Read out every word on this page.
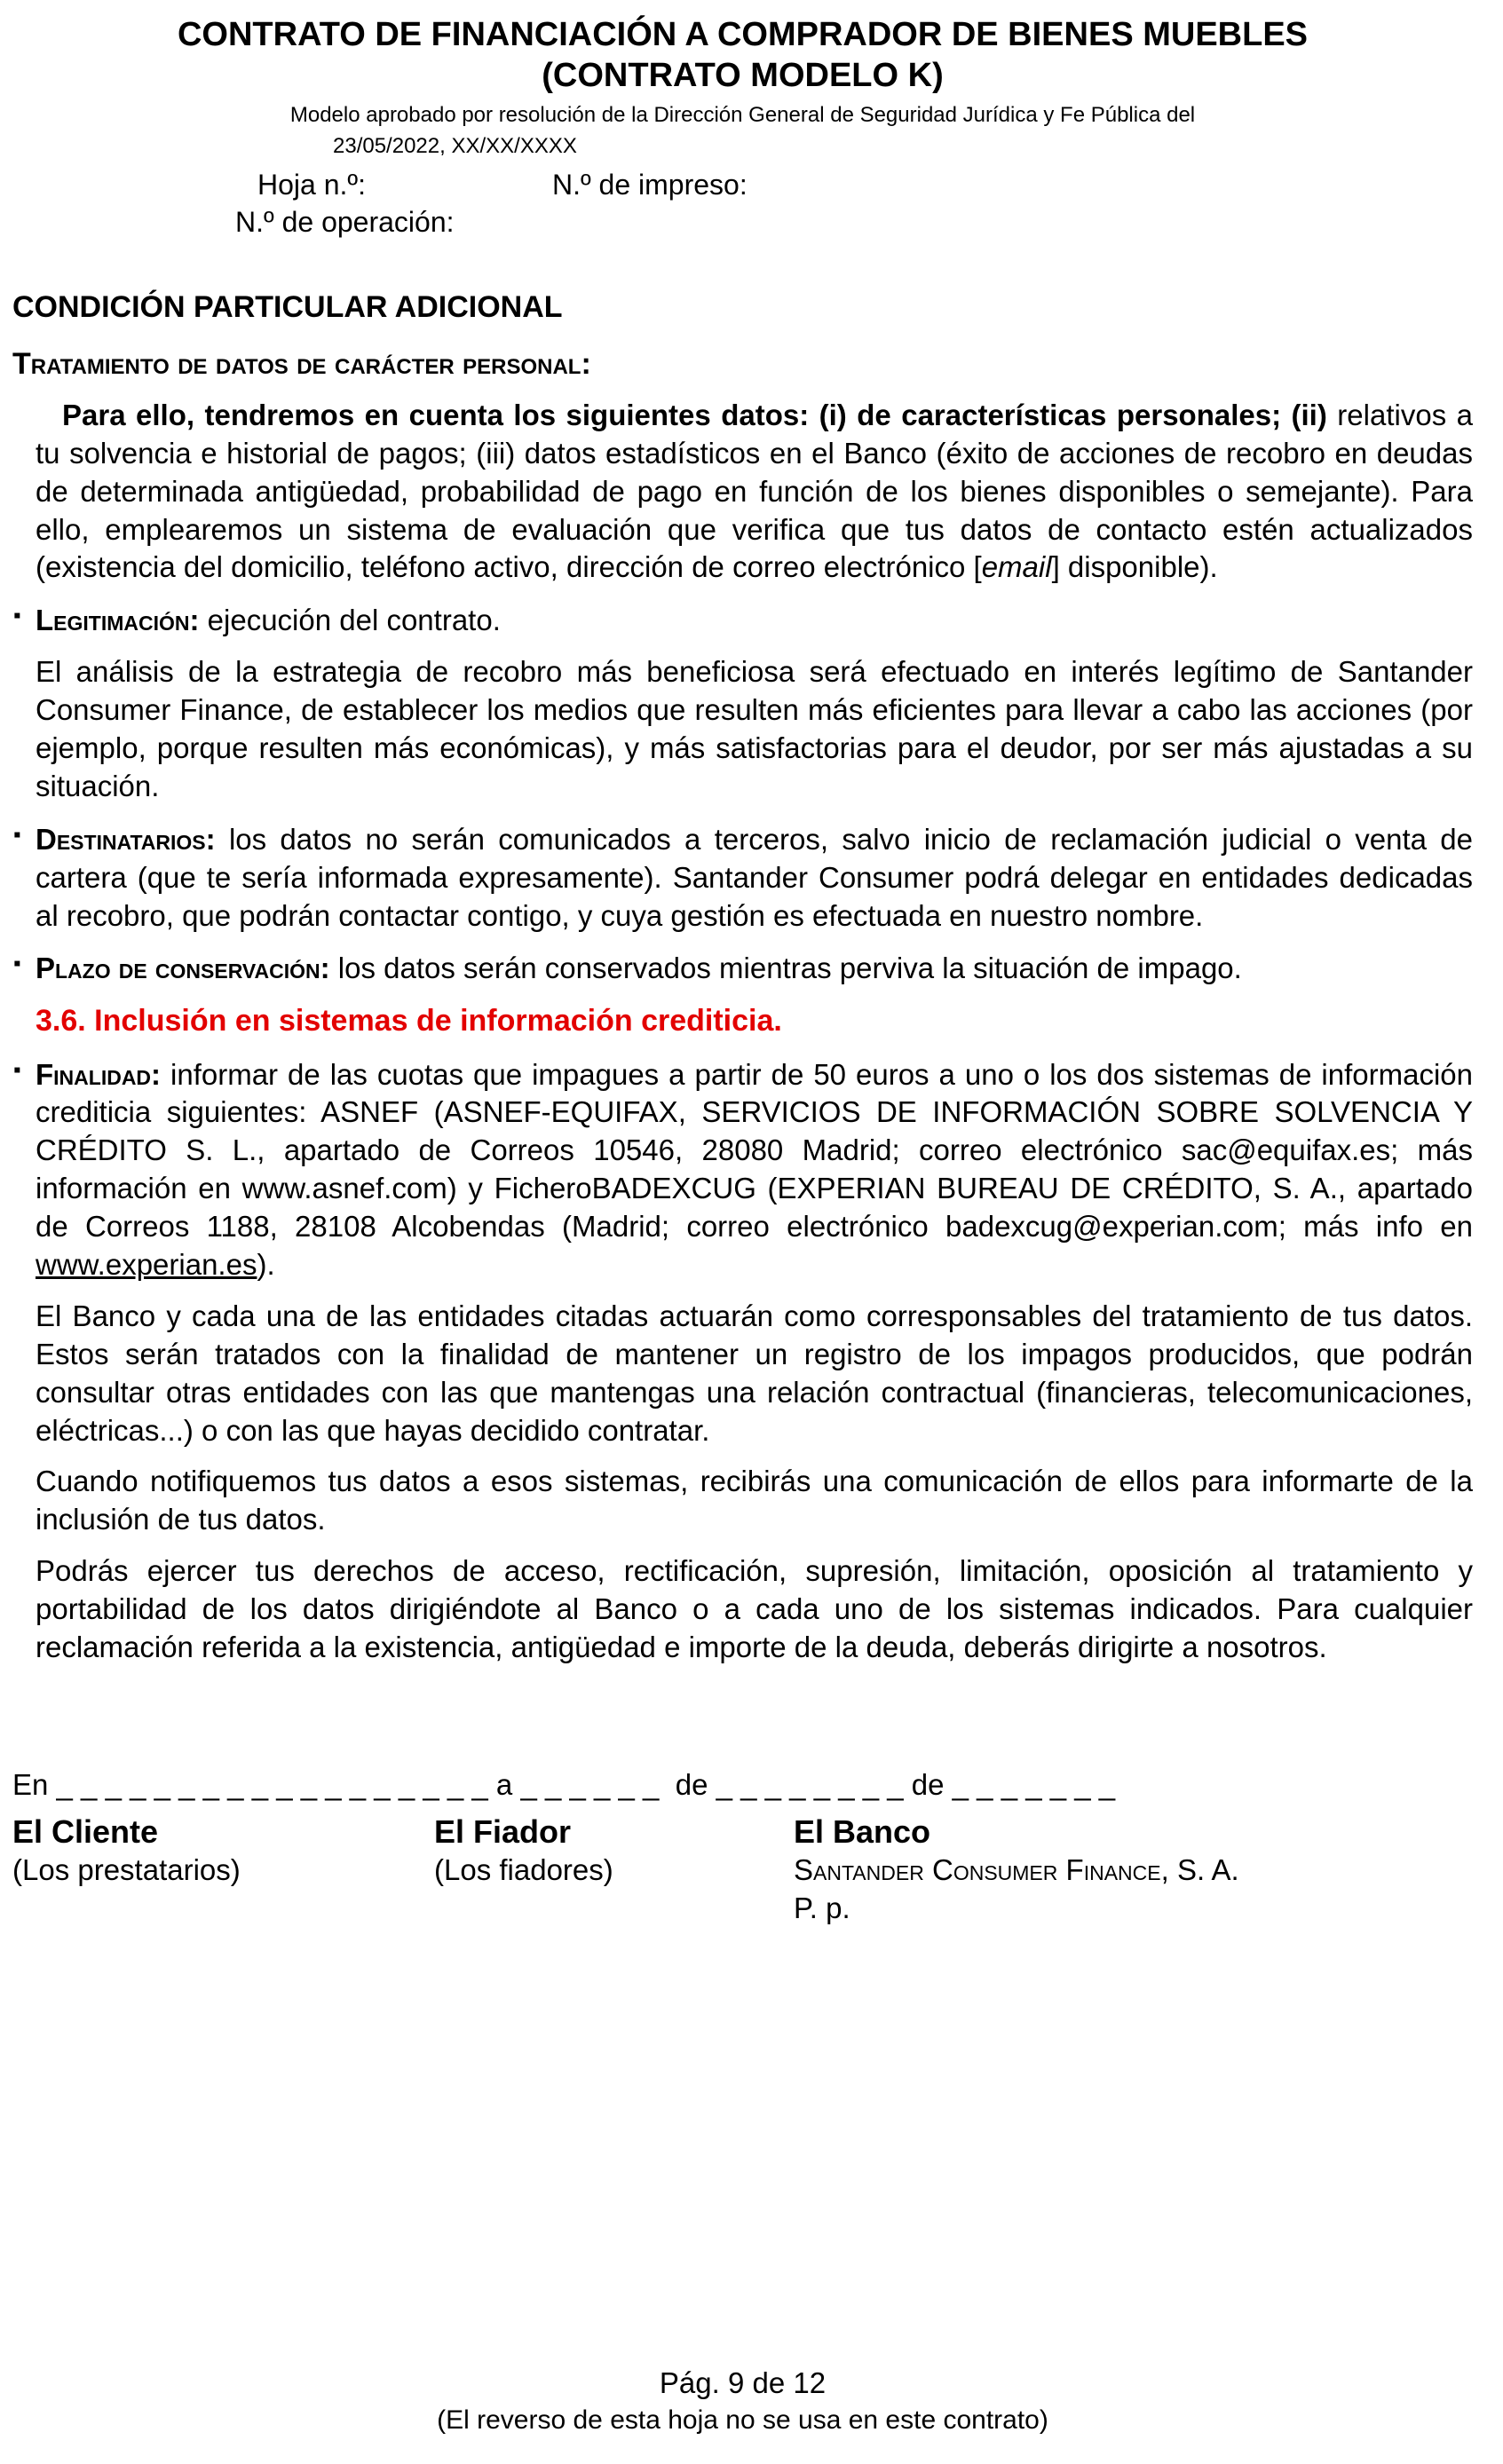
CONTRATO DE FINANCIACIÓN A COMPRADOR DE BIENES MUEBLES
(CONTRATO MODELO K)
Modelo aprobado por resolución de la Dirección General de Seguridad Jurídica y Fe Pública del
23/05/2022, XX/XX/XXXX
Hoja n.º:	N.º de impreso:
N.º de operación:
CONDICIÓN PARTICULAR ADICIONAL
Tratamiento de datos de carácter personal:

Para ello, tendremos en cuenta los siguientes datos: (i) de características personales; (ii) relativos a tu solvencia e historial de pagos; (iii) datos estadísticos en el Banco (éxito de acciones de recobro en deudas de determinada antigüedad, probabilidad de pago en función de los bienes disponibles o semejante). Para ello, emplearemos un sistema de evaluación que verifica que tus datos de contacto estén actualizados (existencia del domicilio, teléfono activo, dirección de correo electrónico [email] disponible).

▪ Legitimación: ejecución del contrato.

El análisis de la estrategia de recobro más beneficiosa será efectuado en interés legítimo de Santander Consumer Finance, de establecer los medios que resulten más eficientes para llevar a cabo las acciones (por ejemplo, porque resulten más económicas), y más satisfactorias para el deudor, por ser más ajustadas a su situación.

▪ Destinatarios: los datos no serán comunicados a terceros, salvo inicio de reclamación judicial o venta de cartera (que te sería informada expresamente). Santander Consumer podrá delegar en entidades dedicadas al recobro, que podrán contactar contigo, y cuya gestión es efectuada en nuestro nombre.
▪ Plazo de conservación: los datos serán conservados mientras perviva la situación de impago.
3.6. Inclusión en sistemas de información crediticia.
▪ Finalidad: informar de las cuotas que impagues a partir de 50 euros a uno o los dos sistemas de información crediticia siguientes: ASNEF (ASNEF-EQUIFAX, SERVICIOS DE INFORMACIÓN SOBRE SOLVENCIA Y CRÉDITO S. L., apartado de Correos 10546, 28080 Madrid; correo electrónico sac@equifax.es; más información en www.asnef.com) y FicheroBADEXCUG (EXPERIAN BUREAU DE CRÉDITO, S. A., apartado de Correos 1188, 28108 Alcobendas (Madrid; correo electrónico badexcug@experian.com; más info en www.experian.es).

El Banco y cada una de las entidades citadas actuarán como corresponsables del tratamiento de tus datos. Estos serán tratados con la finalidad de mantener un registro de los impagos producidos, que podrán consultar otras entidades con las que mantengas una relación contractual (financieras, telecomunicaciones, eléctricas...) o con las que hayas decidido contratar.

Cuando notifiquemos tus datos a esos sistemas, recibirás una comunicación de ellos para informarte de la inclusión de tus datos.

Podrás ejercer tus derechos de acceso, rectificación, supresión, limitación, oposición al tratamiento y portabilidad de los datos dirigiéndote al Banco o a cada uno de los sistemas indicados. Para cualquier reclamación referida a la existencia, antigüedad e importe de la deuda, deberás dirigirte a nosotros.

En _ _ _ _ _ _ _ _ _ _ _ _ _ _ _ _ _ _ a _ _ _ _ _ _  de _ _ _ _ _ _ _ _ de _ _ _ _ _ _ _
El Cliente
(Los prestatarios)
El Fiador
(Los fiadores)
El Banco
Santander Consumer Finance, S. A.
P. p.
Pág. 9 de 12
(El reverso de esta hoja no se usa en este contrato)
